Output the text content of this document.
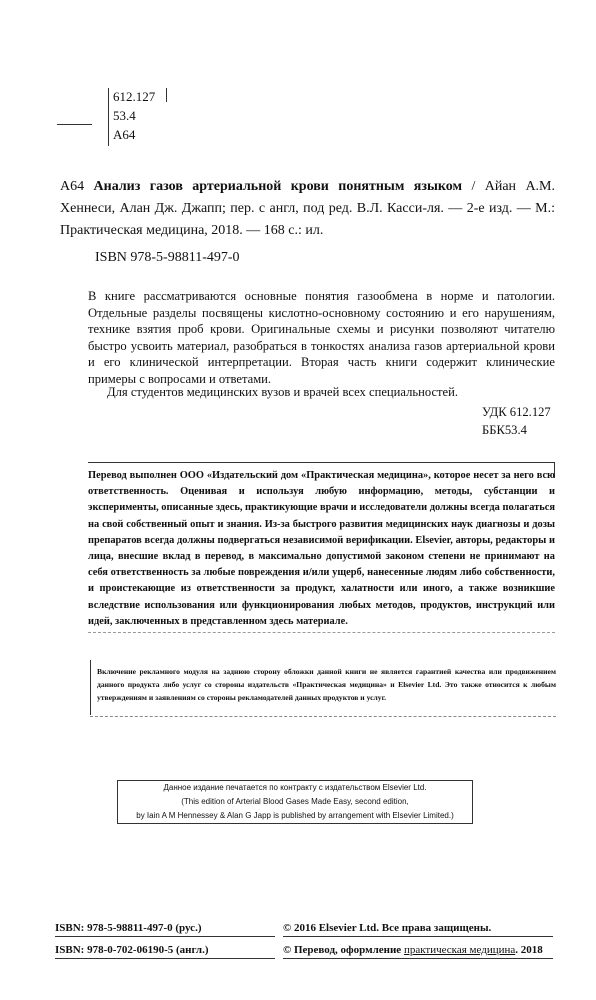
612.127
53.4
А64
А64 Анализ газов артериальной крови понятным языком / Айан А.М. Хеннеси, Алан Дж. Джапп; пер. с англ, под ред. В.Л. Касси-ля. — 2-е изд. — М.: Практическая медицина, 2018. — 168 с.: ил.
ISBN 978-5-98811-497-0
В книге рассматриваются основные понятия газообмена в норме и патологии. Отдельные разделы посвящены кислотно-основному состоянию и его нарушениям, технике взятия проб крови. Оригинальные схемы и рисунки позволяют читателю быстро усвоить материал, разобраться в тонкостях анализа газов артериальной крови и его клинической интерпретации. Вторая часть книги содержит клинические примеры с вопросами и ответами.
Для студентов медицинских вузов и врачей всех специальностей.
УДК 612.127
ББК53.4
Перевод выполнен ООО «Издательский дом «Практическая медицина», которое несет за него всю ответственность. Оценивая и используя любую информацию, методы, субстанции и эксперименты, описанные здесь, практикующие врачи и исследователи должны всегда полагаться на свой собственный опыт и знания. Из-за быстрого развития медицинских наук диагнозы и дозы препаратов всегда должны подвергаться независимой верификации. Elsevier, авторы, редакторы и лица, внесшие вклад в перевод, в максимально допустимой законом степени не принимают на себя ответственность за любые повреждения и/или ущерб, нанесенные людям либо собственности, и проистекающие из ответственности за продукт, халатности или иного, а также возникшие вследствие использования или функционирования любых методов, продуктов, инструкций или идей, заключенных в представленном здесь материале.
Включение рекламного модуля на заднюю сторону обложки данной книги не является гарантией качества или продвижением данного продукта либо услуг со стороны издательств «Практическая медицина» и Elsevier Ltd. Это также относится к любым утверждениям и заявлениям со стороны рекламодателей данных продуктов и услуг.
Данное издание печатается по контракту с издательством Elsevier Ltd.
(This edition of Arterial Blood Gases Made Easy, second edition,
by Iain A M Hennessey & Alan G Japp is published by arrangement with Elsevier Limited.)
ISBN: 978-5-98811-497-0 (рус.)
ISBN: 978-0-702-06190-5 (англ.)
© 2016 Elsevier Ltd. Все права защищены.
© Перевод, оформление практическая медицина. 2018
